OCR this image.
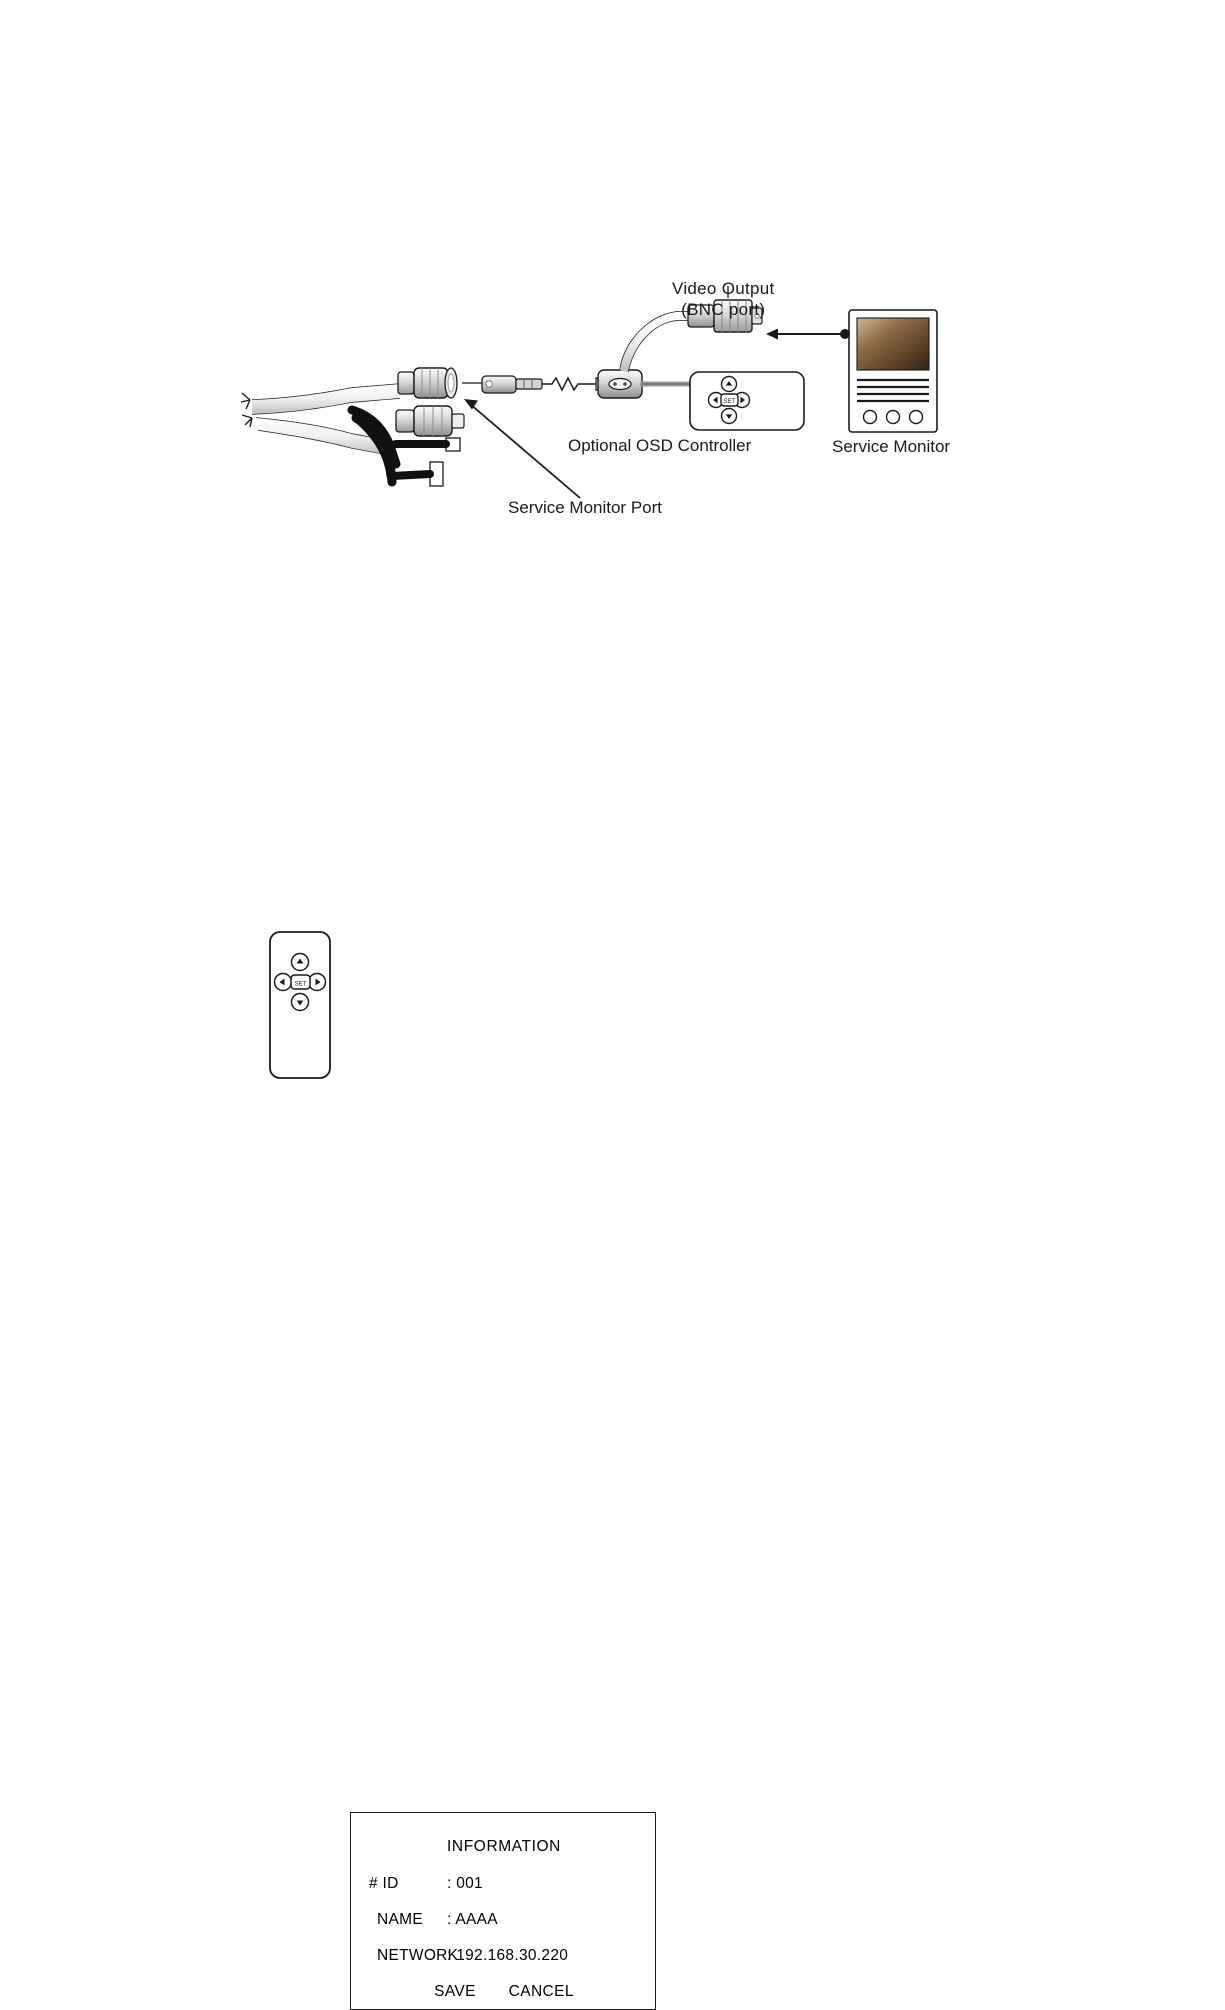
SET
Video Output
(BNC port)
Optional OSD Controller	Service Monitor
Service Monitor Port
SET
INFORMATION
# ID	: 001
NAME : AAAA
NETWORK: 192.168.30.220
SAVE CANCEL
